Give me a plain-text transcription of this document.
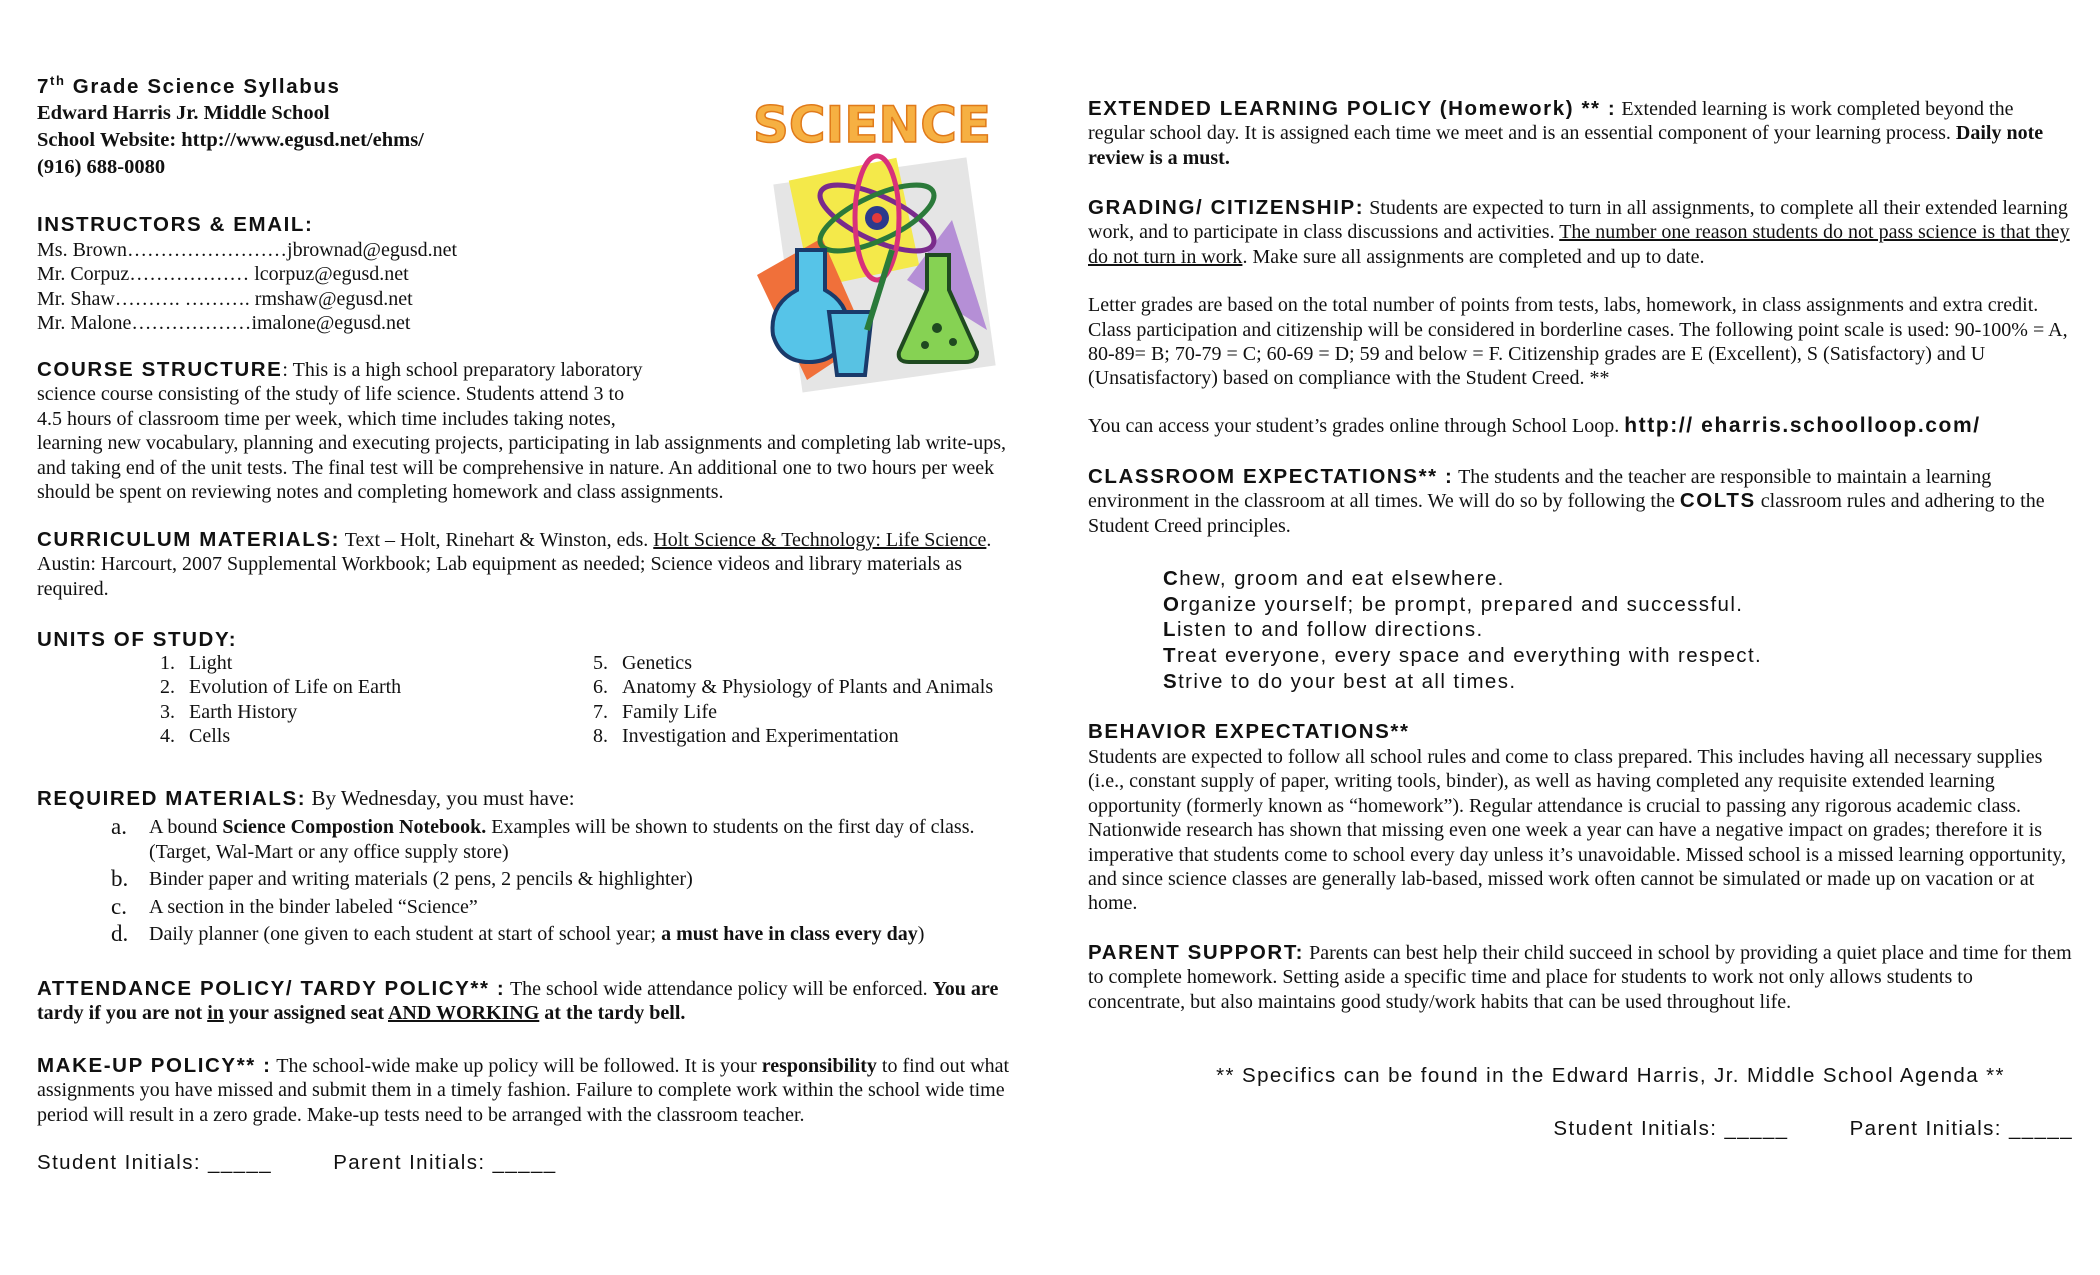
7th Grade Science Syllabus
Edward Harris Jr. Middle School
School Website: http://www.egusd.net/ehms/
(916) 688-0080
SCIENCE
INSTRUCTORS & EMAIL:
Ms. Brown……………………jbrownad@egusd.net
Mr. Corpuz……………… lcorpuz@egusd.net
Mr. Shaw………. ………. rmshaw@egusd.net
Mr. Malone………………imalone@egusd.net
COURSE STRUCTURE: This is a high school preparatory laboratory
science course consisting of the study of life science. Students attend 3 to
4.5 hours of classroom time per week, which time includes taking notes,
learning new vocabulary, planning and executing projects, participating in lab assignments and completing lab write-ups, and taking end of the unit tests. The final test will be comprehensive in nature. An additional one to two hours per week should be spent on reviewing notes and completing homework and class assignments.

CURRICULUM MATERIALS: Text – Holt, Rinehart & Winston, eds. Holt Science & Technology: Life Science. Austin: Harcourt, 2007 Supplemental Workbook; Lab equipment as needed; Science videos and library materials as required.

UNITS OF STUDY:
1. Light
2. Evolution of Life on Earth
3. Earth History
4. Cells
5. Genetics
6. Anatomy & Physiology of Plants and Animals
7. Family Life
8. Investigation and Experimentation
REQUIRED MATERIALS: By Wednesday, you must have:
a.	A bound Science Compostion Notebook. Examples will be shown to students on the first day of class. (Target, Wal-Mart or any office supply store)
b.	Binder paper and writing materials (2 pens, 2 pencils & highlighter)
c.	A section in the binder labeled “Science”
d.	Daily planner (one given to each student at start of school year; a must have in class every day)

ATTENDANCE POLICY/ TARDY POLICY** : The school wide attendance policy will be enforced. You are tardy if you are not in your assigned seat AND WORKING at the tardy bell.

MAKE-UP POLICY** : The school-wide make up policy will be followed. It is your responsibility to find out what assignments you have missed and submit them in a timely fashion. Failure to complete work within the school wide time period will result in a zero grade. Make-up tests need to be arranged with the classroom teacher.

Student Initials: _____	Parent Initials: _____

EXTENDED LEARNING POLICY (Homework) ** : Extended learning is work completed beyond the regular school day. It is assigned each time we meet and is an essential component of your learning process. Daily note review is a must.

GRADING/ CITIZENSHIP: Students are expected to turn in all assignments, to complete all their extended learning work, and to participate in class discussions and activities. The number one reason students do not pass science is that they do not turn in work. Make sure all assignments are completed and up to date.

Letter grades are based on the total number of points from tests, labs, homework, in class assignments and extra credit. Class participation and citizenship will be considered in borderline cases. The following point scale is used: 90-100% = A, 80-89= B; 70-79 = C; 60-69 = D; 59 and below = F. Citizenship grades are E (Excellent), S (Satisfactory) and U (Unsatisfactory) based on compliance with the Student Creed. **

You can access your student’s grades online through School Loop. http:// eharris.schoolloop.com/

CLASSROOM EXPECTATIONS** : The students and the teacher are responsible to maintain a learning environment in the classroom at all times. We will do so by following the COLTS classroom rules and adhering to the Student Creed principles.

Chew, groom and eat elsewhere.
Organize yourself; be prompt, prepared and successful.
Listen to and follow directions.
Treat everyone, every space and everything with respect.
Strive to do your best at all times.
BEHAVIOR EXPECTATIONS**

Students are expected to follow all school rules and come to class prepared. This includes having all necessary supplies (i.e., constant supply of paper, writing tools, binder), as well as having completed any requisite extended learning opportunity (formerly known as “homework”). Regular attendance is crucial to passing any rigorous academic class. Nationwide research has shown that missing even one week a year can have a negative impact on grades; therefore it is imperative that students come to school every day unless it’s unavoidable. Missed school is a missed learning opportunity, and since science classes are generally lab-based, missed work often cannot be simulated or made up on vacation or at home.

PARENT SUPPORT: Parents can best help their child succeed in school by providing a quiet place and time for them to complete homework. Setting aside a specific time and place for students to work not only allows students to concentrate, but also maintains good study/work habits that can be used throughout life.

** Specifics can be found in the Edward Harris, Jr. Middle School Agenda **
Student Initials: _____	Parent Initials: _____
